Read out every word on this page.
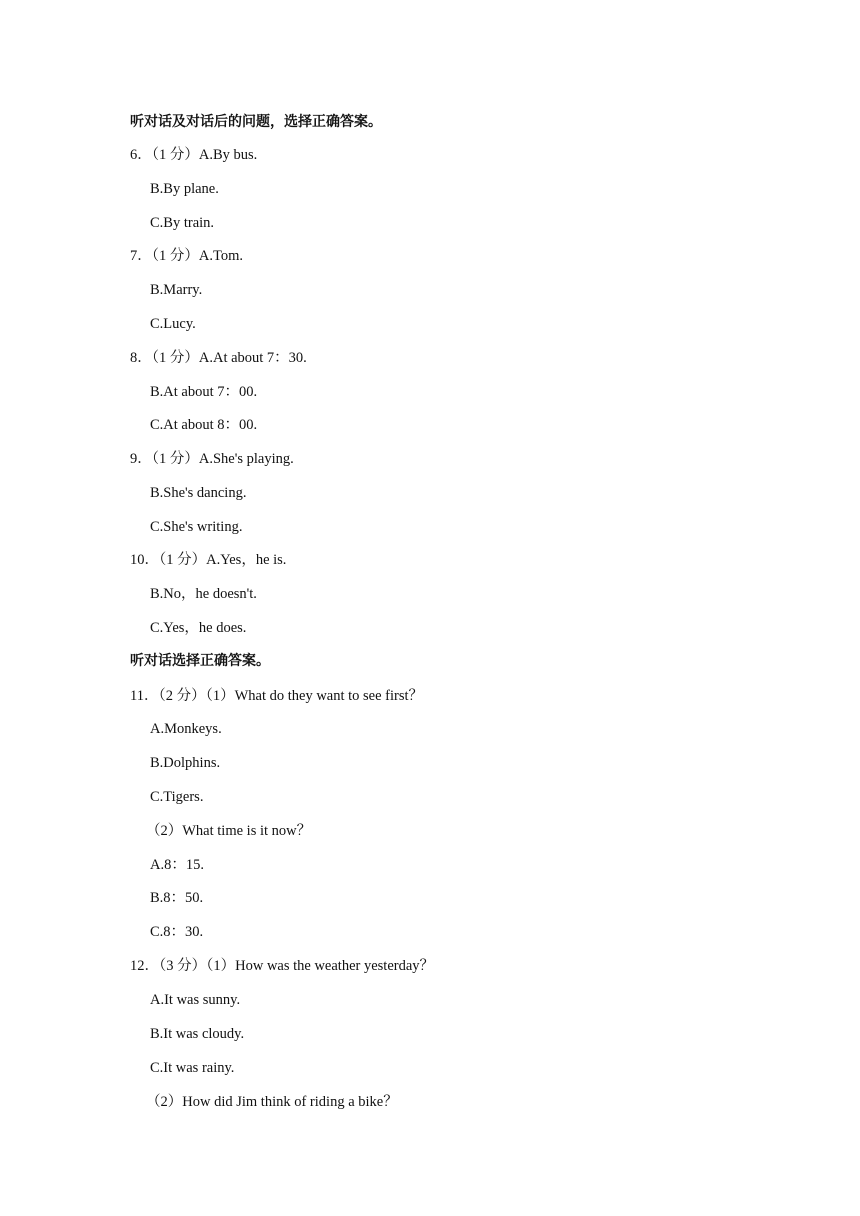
听对话及对话后的问题，选择正确答案。
6．（1 分）A.By bus.
B.By plane.
C.By train.
7．（1 分）A.Tom.
B.Marry.
C.Lucy.
8．（1 分）A.At about 7：30.
B.At about 7：00.
C.At about 8：00.
9．（1 分）A.She's playing.
B.She's dancing.
C.She's writing.
10．（1 分）A.Yes，he is.
B.No，he doesn't.
C.Yes，he does.
听对话选择正确答案。
11．（2 分）（1）What do they want to see first？
A.Monkeys.
B.Dolphins.
C.Tigers.
（2）What time is it now？
A.8：15.
B.8：50.
C.8：30.
12．（3 分）（1）How was the weather yesterday？
A.It was sunny.
B.It was cloudy.
C.It was rainy.
（2）How did Jim think of riding a bike？
